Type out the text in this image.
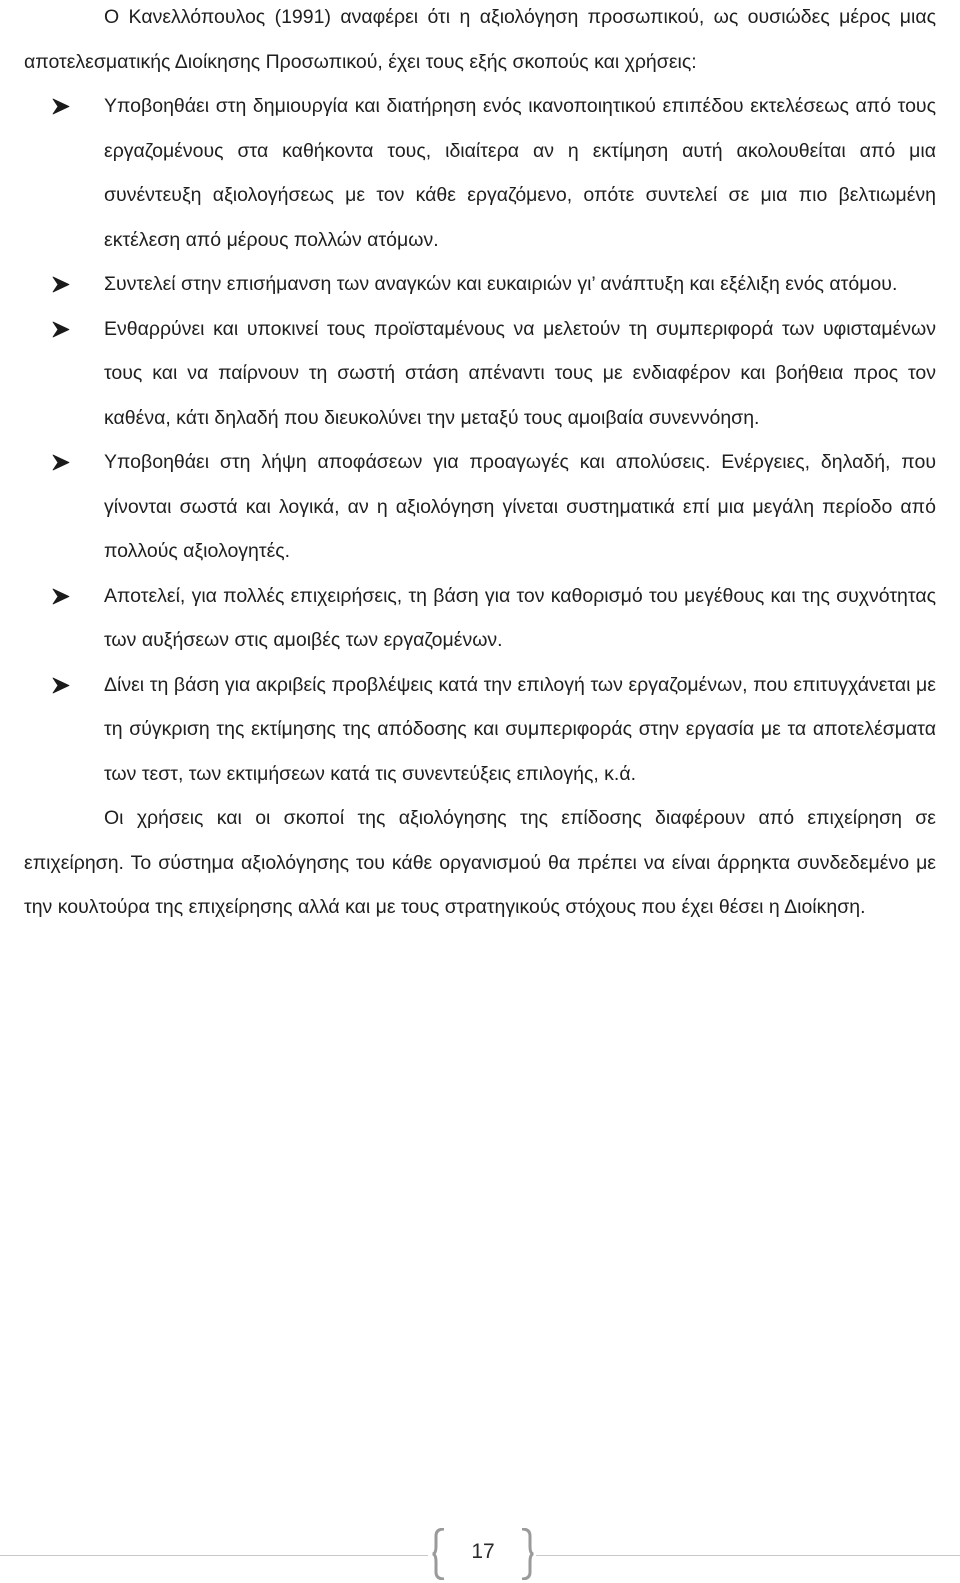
Ο Κανελλόπουλος (1991) αναφέρει ότι η αξιολόγηση προσωπικού, ως ουσιώδες μέρος μιας αποτελεσματικής Διοίκησης Προσωπικού, έχει τους εξής σκοπούς και χρήσεις:

Υποβοηθάει στη δημιουργία και διατήρηση ενός ικανοποιητικού επιπέδου εκτελέσεως από τους εργαζομένους στα καθήκοντα τους, ιδιαίτερα αν η εκτίμηση αυτή ακολουθείται από μια συνέντευξη αξιολογήσεως με τον κάθε εργαζόμενο, οπότε συντελεί σε μια πιο βελτιωμένη εκτέλεση από μέρους πολλών ατόμων.
Συντελεί στην επισήμανση των αναγκών και ευκαιριών γι’ ανάπτυξη και εξέλιξη ενός ατόμου.
Ενθαρρύνει και υποκινεί τους προϊσταμένους να μελετούν τη συμπεριφορά των υφισταμένων τους και να παίρνουν τη σωστή στάση απέναντι τους με ενδιαφέρον και βοήθεια προς τον καθένα, κάτι δηλαδή που διευκολύνει την μεταξύ τους αμοιβαία συνεννόηση.
Υποβοηθάει στη λήψη αποφάσεων για προαγωγές και απολύσεις. Ενέργειες, δηλαδή, που γίνονται σωστά και λογικά, αν η αξιολόγηση γίνεται συστηματικά επί μια μεγάλη περίοδο από πολλούς αξιολογητές.
Αποτελεί, για πολλές επιχειρήσεις, τη βάση για τον καθορισμό του μεγέθους και της συχνότητας των αυξήσεων στις αμοιβές των εργαζομένων.
Δίνει τη βάση για ακριβείς προβλέψεις κατά την επιλογή των εργαζομένων, που επιτυγχάνεται με τη σύγκριση της εκτίμησης της απόδοσης και συμπεριφοράς στην εργασία με τα αποτελέσματα των τεστ, των εκτιμήσεων κατά τις συνεντεύξεις επιλογής, κ.ά.

Οι χρήσεις και οι σκοποί της αξιολόγησης της επίδοσης διαφέρουν από επιχείρηση σε επιχείρηση. Το σύστημα αξιολόγησης του κάθε οργανισμού θα πρέπει να είναι άρρηκτα συνδεδεμένο με την κουλτούρα της επιχείρησης αλλά και με τους στρατηγικούς στόχους που έχει θέσει η Διοίκηση.

17
